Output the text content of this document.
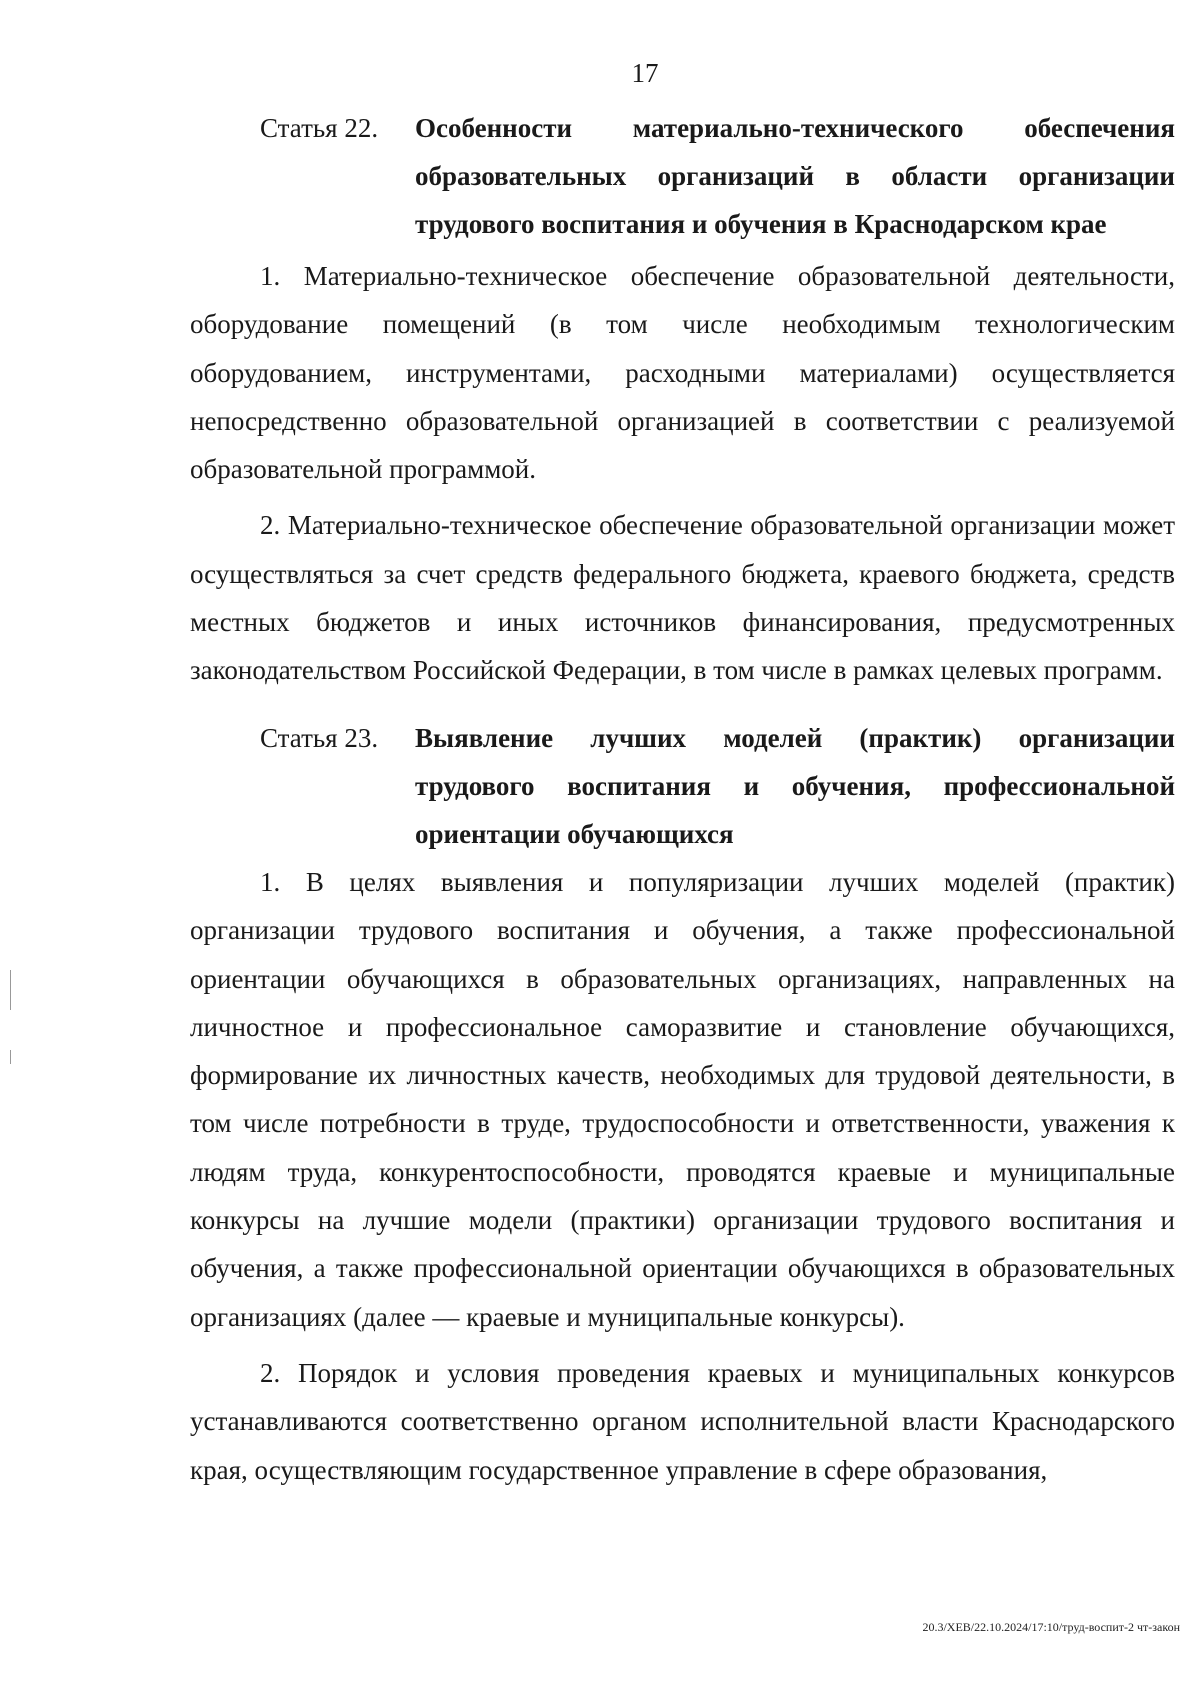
17
Статья 22.	Особенности материально-технического обеспечения образовательных организаций в области организации трудового воспитания и обучения в Краснодарском крае

1. Материально-техническое обеспечение образовательной деятельности, оборудование помещений (в том числе необходимым технологическим оборудованием, инструментами, расходными материалами) осуществляется непосредственно образовательной организацией в соответствии с реализуемой образовательной программой.

2. Материально-техническое обеспечение образовательной организации может осуществляться за счет средств федерального бюджета, краевого бюджета, средств местных бюджетов и иных источников финансирования, предусмотренных законодательством Российской Федерации, в том числе в рамках целевых программ.

Статья 23.	Выявление лучших моделей (практик) организации трудового воспитания и обучения, профессиональной ориентации обучающихся

1. В целях выявления и популяризации лучших моделей (практик) организации трудового воспитания и обучения, а также профессиональной ориентации обучающихся в образовательных организациях, направленных на личностное и профессиональное саморазвитие и становление обучающихся, формирование их личностных качеств, необходимых для трудовой деятельности, в том числе потребности в труде, трудоспособности и ответственности, уважения к людям труда, конкурентоспособности, проводятся краевые и муниципальные конкурсы на лучшие модели (практики) организации трудового воспитания и обучения, а также профессиональной ориентации обучающихся в образовательных организациях (далее — краевые и муниципальные конкурсы).

2. Порядок и условия проведения краевых и муниципальных конкурсов устанавливаются соответственно органом исполнительной власти Краснодарского края, осуществляющим государственное управление в сфере образования,

20.3/ХЕВ/22.10.2024/17:10/труд-воспит-2 чт-закон
